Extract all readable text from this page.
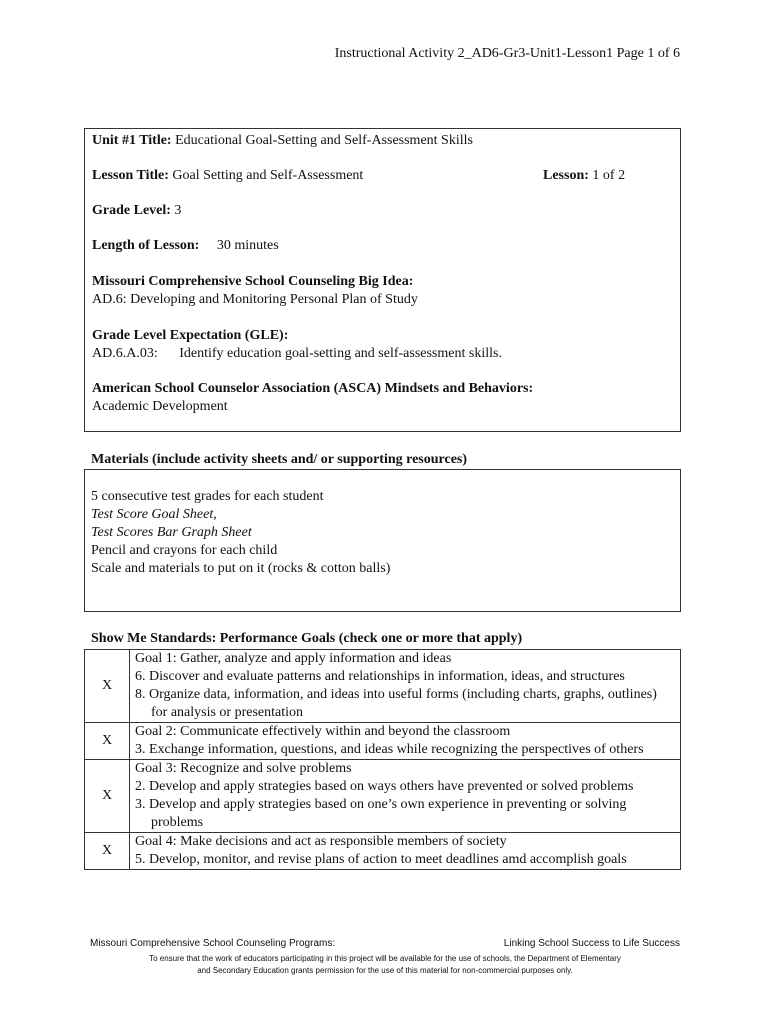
Instructional Activity 2_AD6-Gr3-Unit1-Lesson1 Page 1 of 6
Unit #1 Title: Educational Goal-Setting and Self-Assessment Skills
Lesson Title: Goal Setting and Self-Assessment	Lesson: 1 of 2
Grade Level: 3
Length of Lesson: 30 minutes
Missouri Comprehensive School Counseling Big Idea:
AD.6: Developing and Monitoring Personal Plan of Study
Grade Level Expectation (GLE):
AD.6.A.03: Identify education goal-setting and self-assessment skills.
American School Counselor Association (ASCA) Mindsets and Behaviors:
Academic Development
Materials (include activity sheets and/ or supporting resources)
5 consecutive test grades for each student
Test Score Goal Sheet,
Test Scores Bar Graph Sheet
Pencil and crayons for each child
Scale and materials to put on it (rocks & cotton balls)
Show Me Standards: Performance Goals (check one or more that apply)
X	Goal 1: Gather, analyze and apply information and ideas
6. Discover and evaluate patterns and relationships in information, ideas, and structures
8. Organize data, information, and ideas into useful forms (including charts, graphs, outlines) for analysis or presentation

X	Goal 2: Communicate effectively within and beyond the classroom
3. Exchange information, questions, and ideas while recognizing the perspectives of others

X	Goal 3: Recognize and solve problems
2. Develop and apply strategies based on ways others have prevented or solved problems
3. Develop and apply strategies based on one’s own experience in preventing or solving problems

X	Goal 4: Make decisions and act as responsible members of society
5. Develop, monitor, and revise plans of action to meet deadlines amd accomplish goals
Missouri Comprehensive School Counseling Programs:	Linking School Success to Life Success
To ensure that the work of educators participating in this project will be available for the use of schools, the Department of Elementary
and Secondary Education grants permission for the use of this material for non-commercial purposes only.
